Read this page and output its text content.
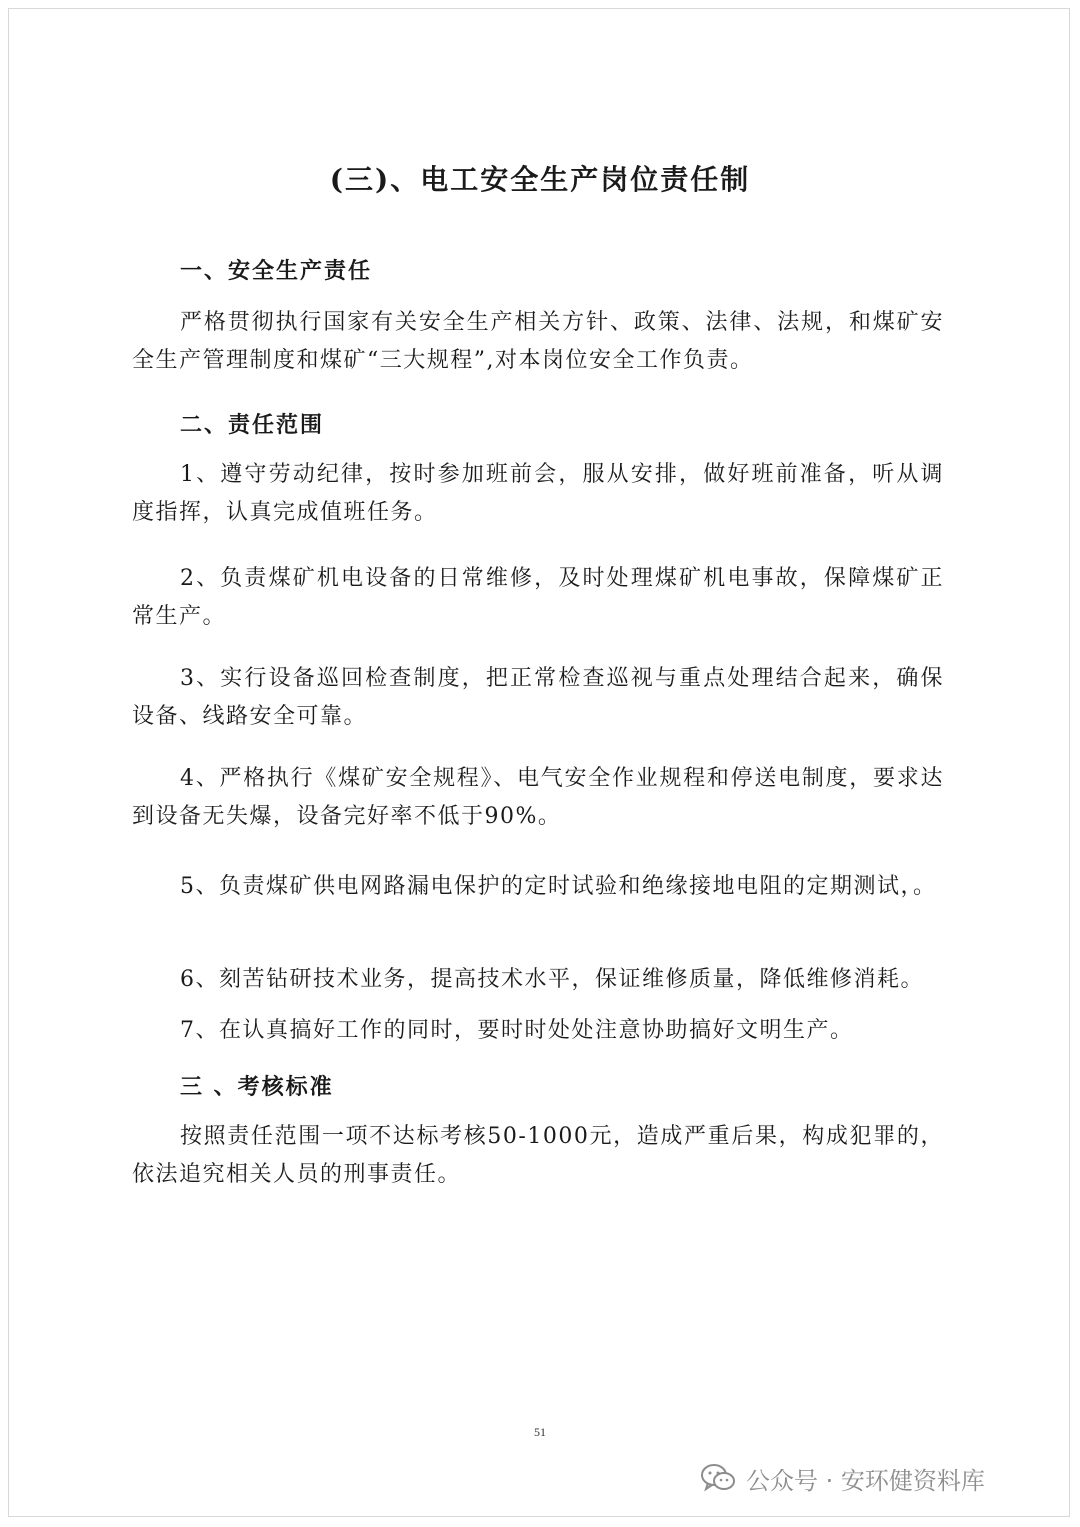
(三)、电工安全生产岗位责任制
一、安全生产责任

严格贯彻执行国家有关安全生产相关方针、政策、法律、法规，和煤矿安全生产管理制度和煤矿“三大规程”,对本岗位安全工作负责。

二、责任范围

1、遵守劳动纪律，按时参加班前会，服从安排，做好班前准备，听从调度指挥，认真完成值班任务。

2、负责煤矿机电设备的日常维修，及时处理煤矿机电事故，保障煤矿正常生产。

3、实行设备巡回检查制度，把正常检查巡视与重点处理结合起来，确保设备、线路安全可靠。

4、严格执行《煤矿安全规程》、电气安全作业规程和停送电制度，要求达到设备无失爆，设备完好率不低于90%。

5、负责煤矿供电网路漏电保护的定时试验和绝缘接地电阻的定期测试，。

6、刻苦钻研技术业务，提高技术水平，保证维修质量，降低维修消耗。

7、在认真搞好工作的同时，要时时处处注意协助搞好文明生产。

三 、考核标准

按照责任范围一项不达标考核50-1000元，造成严重后果，构成犯罪的，依法追究相关人员的刑事责任。

51
公众号 · 安环健资料库
